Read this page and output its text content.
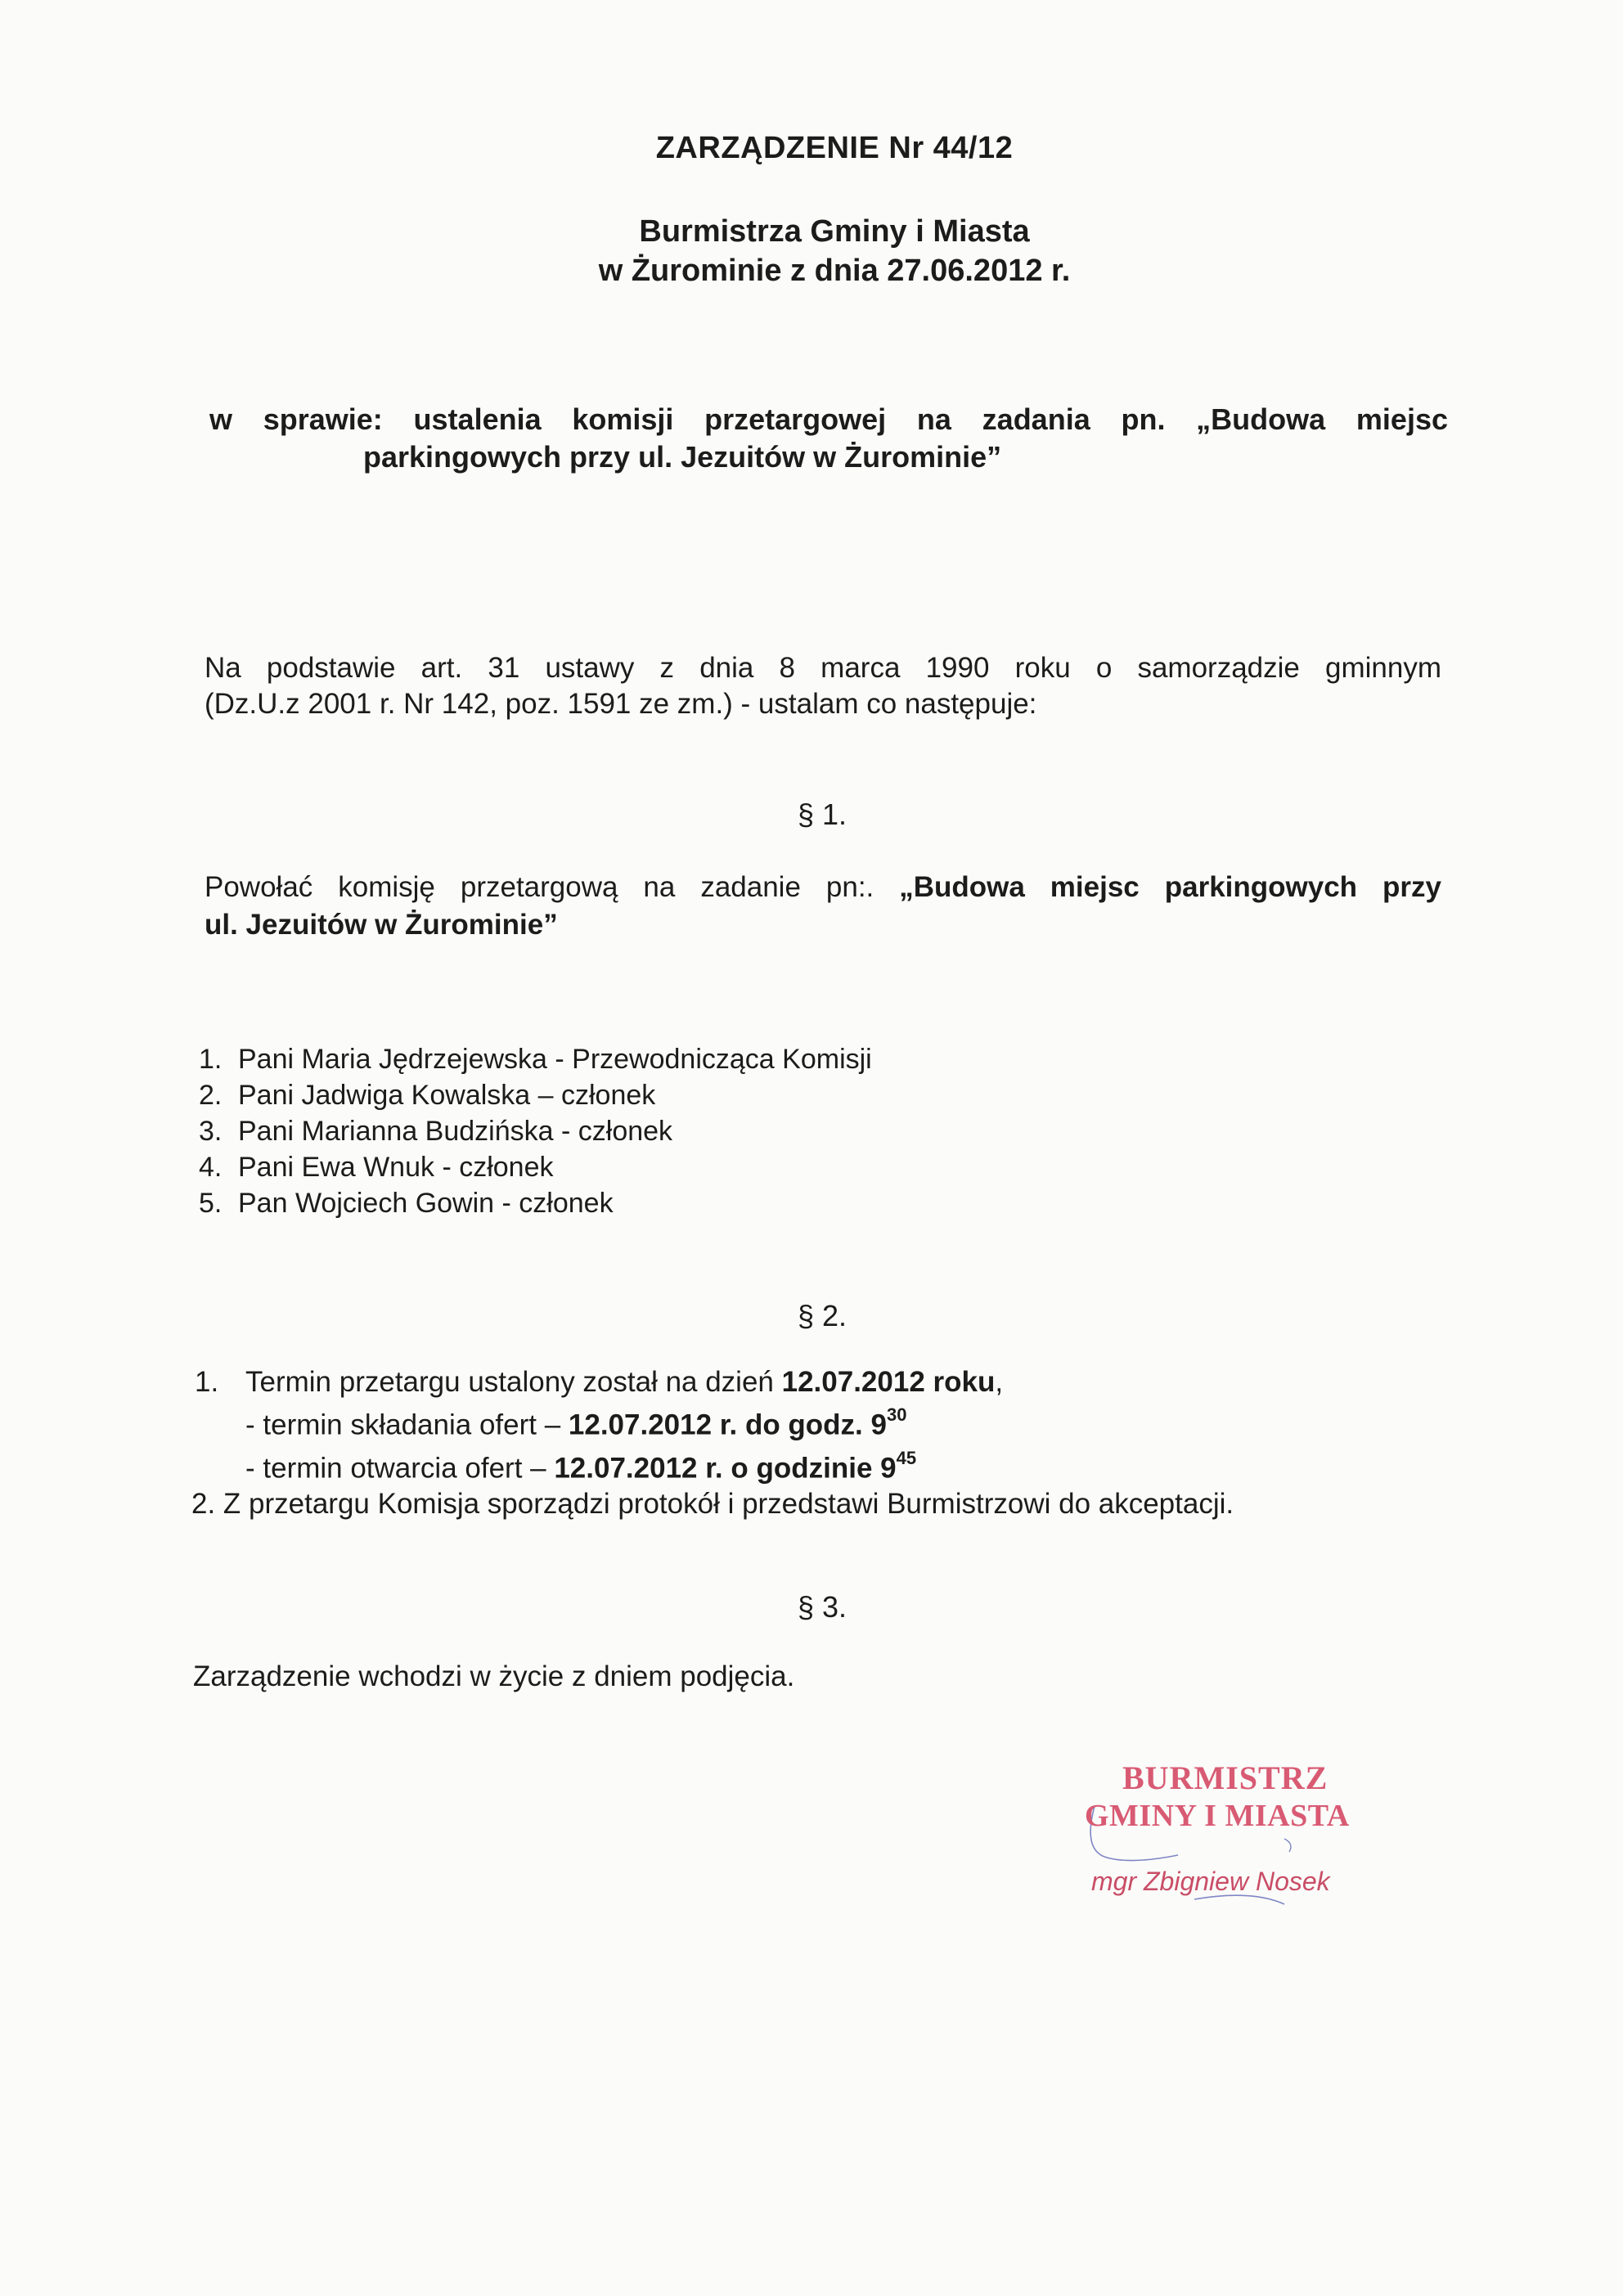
ZARZĄDZENIE Nr 44/12
Burmistrza Gminy i Miasta
w Żurominie z dnia 27.06.2012 r.
w sprawie: ustalenia komisji przetargowej na zadania pn. „Budowa miejsc
parkingowych przy ul. Jezuitów w Żurominie”
Na podstawie art. 31 ustawy z dnia 8 marca 1990 roku o samorządzie gminnym
(Dz.U.z 2001 r. Nr 142, poz. 1591 ze zm.) - ustalam co następuje:
§ 1.
Powołać komisję przetargową na zadanie pn:. „Budowa miejsc parkingowych przy
ul. Jezuitów w Żurominie”
1. Pani Maria Jędrzejewska - Przewodnicząca Komisji
2. Pani Jadwiga Kowalska – członek
3. Pani Marianna Budzińska - członek
4. Pani Ewa Wnuk - członek
5. Pan Wojciech Gowin - członek
§ 2.
1. Termin przetargu ustalony został na dzień 12.07.2012 roku,
- termin składania ofert – 12.07.2012 r. do godz. $9^{30}$
- termin otwarcia ofert – 12.07.2012 r. o godzinie $9^{45}$
2. Z przetargu Komisja sporządzi protokół i przedstawi Burmistrzowi do akceptacji.
§ 3.
Zarządzenie wchodzi w życie z dniem podjęcia.
BURMISTRZ
GMINY I MIASTA
mgr Zbigniew Nosek
